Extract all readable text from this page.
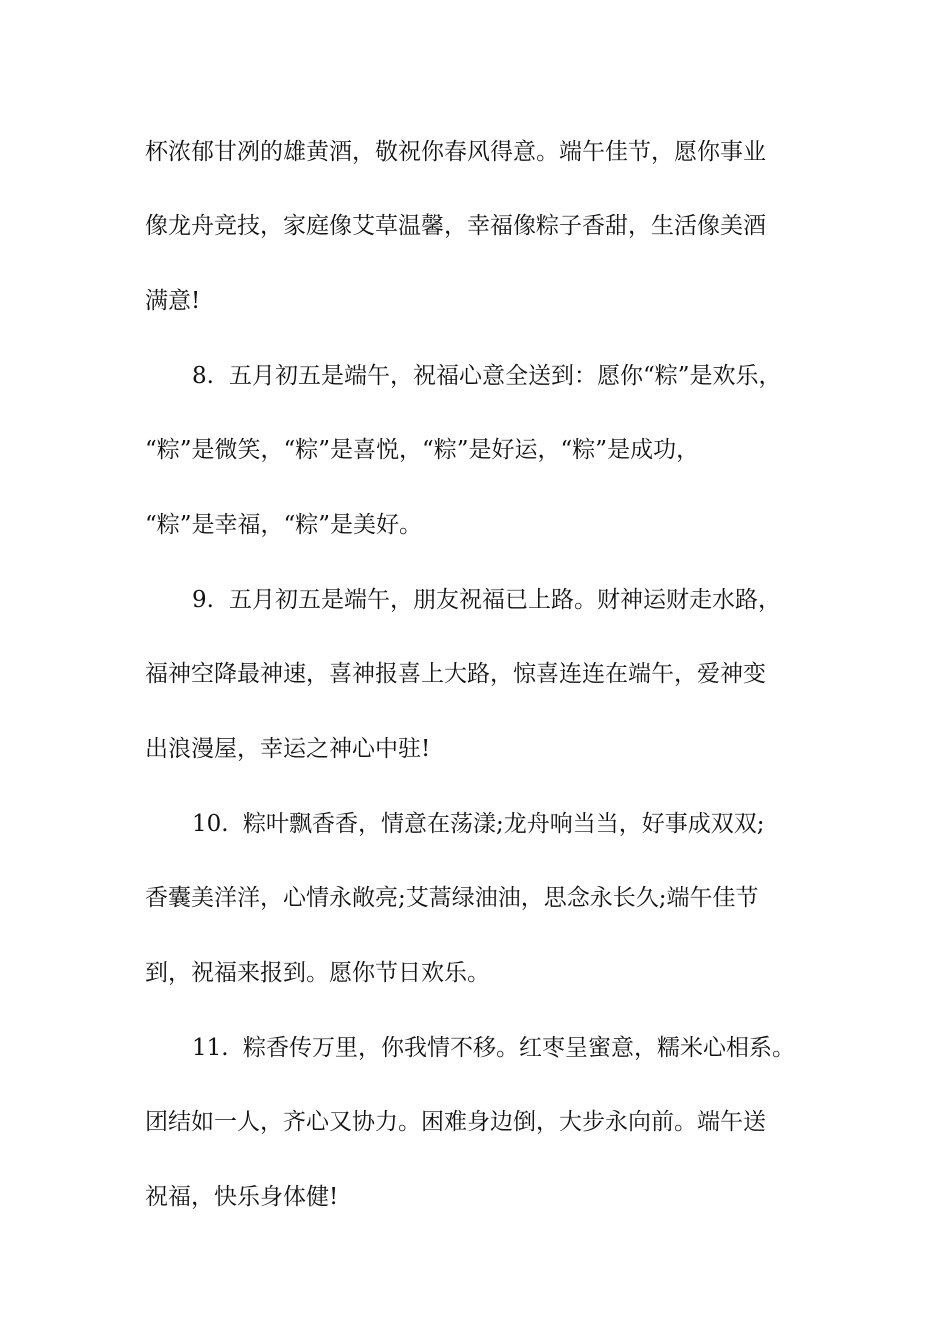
杯浓郁甘冽的雄黄酒，敬祝你春风得意。端午佳节，愿你事业
像龙舟竞技，家庭像艾草温馨，幸福像粽子香甜，生活像美酒
满意!
8. 五月初五是端午，祝福心意全送到：愿你“粽”是欢乐，
“粽”是微笑，“粽”是喜悦，“粽”是好运，“粽”是成功，
“粽”是幸福，“粽”是美好。
9. 五月初五是端午，朋友祝福已上路。财神运财走水路，
福神空降最神速，喜神报喜上大路，惊喜连连在端午，爱神变
出浪漫屋，幸运之神心中驻!
10. 粽叶飘香香，情意在荡漾;龙舟响当当，好事成双双;
香囊美洋洋，心情永敞亮;艾蒿绿油油，思念永长久;端午佳节
到，祝福来报到。愿你节日欢乐。
11. 粽香传万里，你我情不移。红枣呈蜜意，糯米心相系。
团结如一人，齐心又协力。困难身边倒，大步永向前。端午送
祝福，快乐身体健!
